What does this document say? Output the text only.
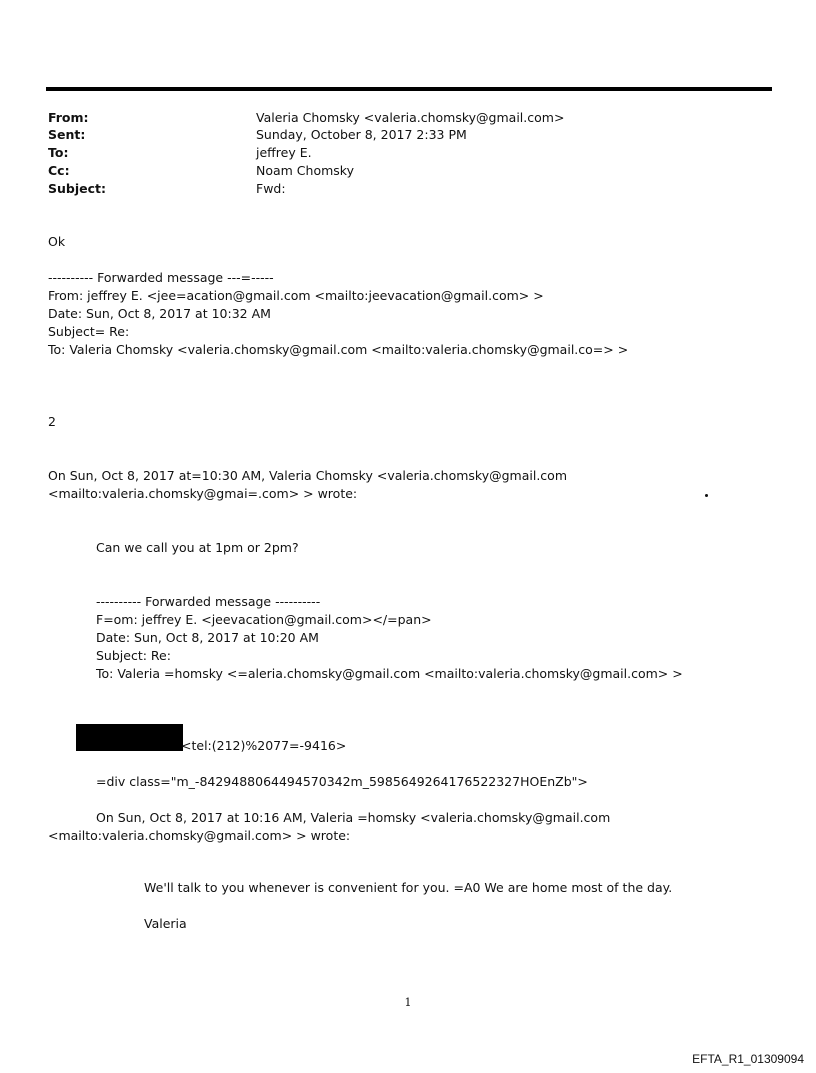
From:	Valeria Chomsky <valeria.chomsky@gmail.com>
Sent:	Sunday, October 8, 2017 2:33 PM
To:	jeffrey E.
Cc:	Noam Chomsky
Subject:	Fwd:
Ok
---------- Forwarded message ---=-----
From: jeffrey E. <jee=acation@gmail.com <mailto:jeevacation@gmail.com> >
Date: Sun, Oct 8, 2017 at 10:32 AM
Subject= Re:
To: Valeria Chomsky <valeria.chomsky@gmail.com <mailto:valeria.chomsky@gmail.co=> >
2
On Sun, Oct 8, 2017 at=10:30 AM, Valeria Chomsky <valeria.chomsky@gmail.com
<mailto:valeria.chomsky@gmai=.com> > wrote:
Can we call you at 1pm or 2pm?
---------- Forwarded message ----------
F=om: jeffrey E. <jeevacation@gmail.com></=pan>
Date: Sun, Oct 8, 2017 at 10:20 AM
Subject: Re:
To: Valeria =homsky <=aleria.chomsky@gmail.com <mailto:valeria.chomsky@gmail.com> >
<tel:(212)%2077=-9416>
=div class="m_-8429488064494570342m_5985649264176522327HOEnZb">
On Sun, Oct 8, 2017 at 10:16 AM, Valeria =homsky <valeria.chomsky@gmail.com
<mailto:valeria.chomsky@gmail.com> > wrote:
We'll talk to you whenever is convenient for you. =A0 We are home most of the day.
Valeria
1
EFTA_R1_01309094
